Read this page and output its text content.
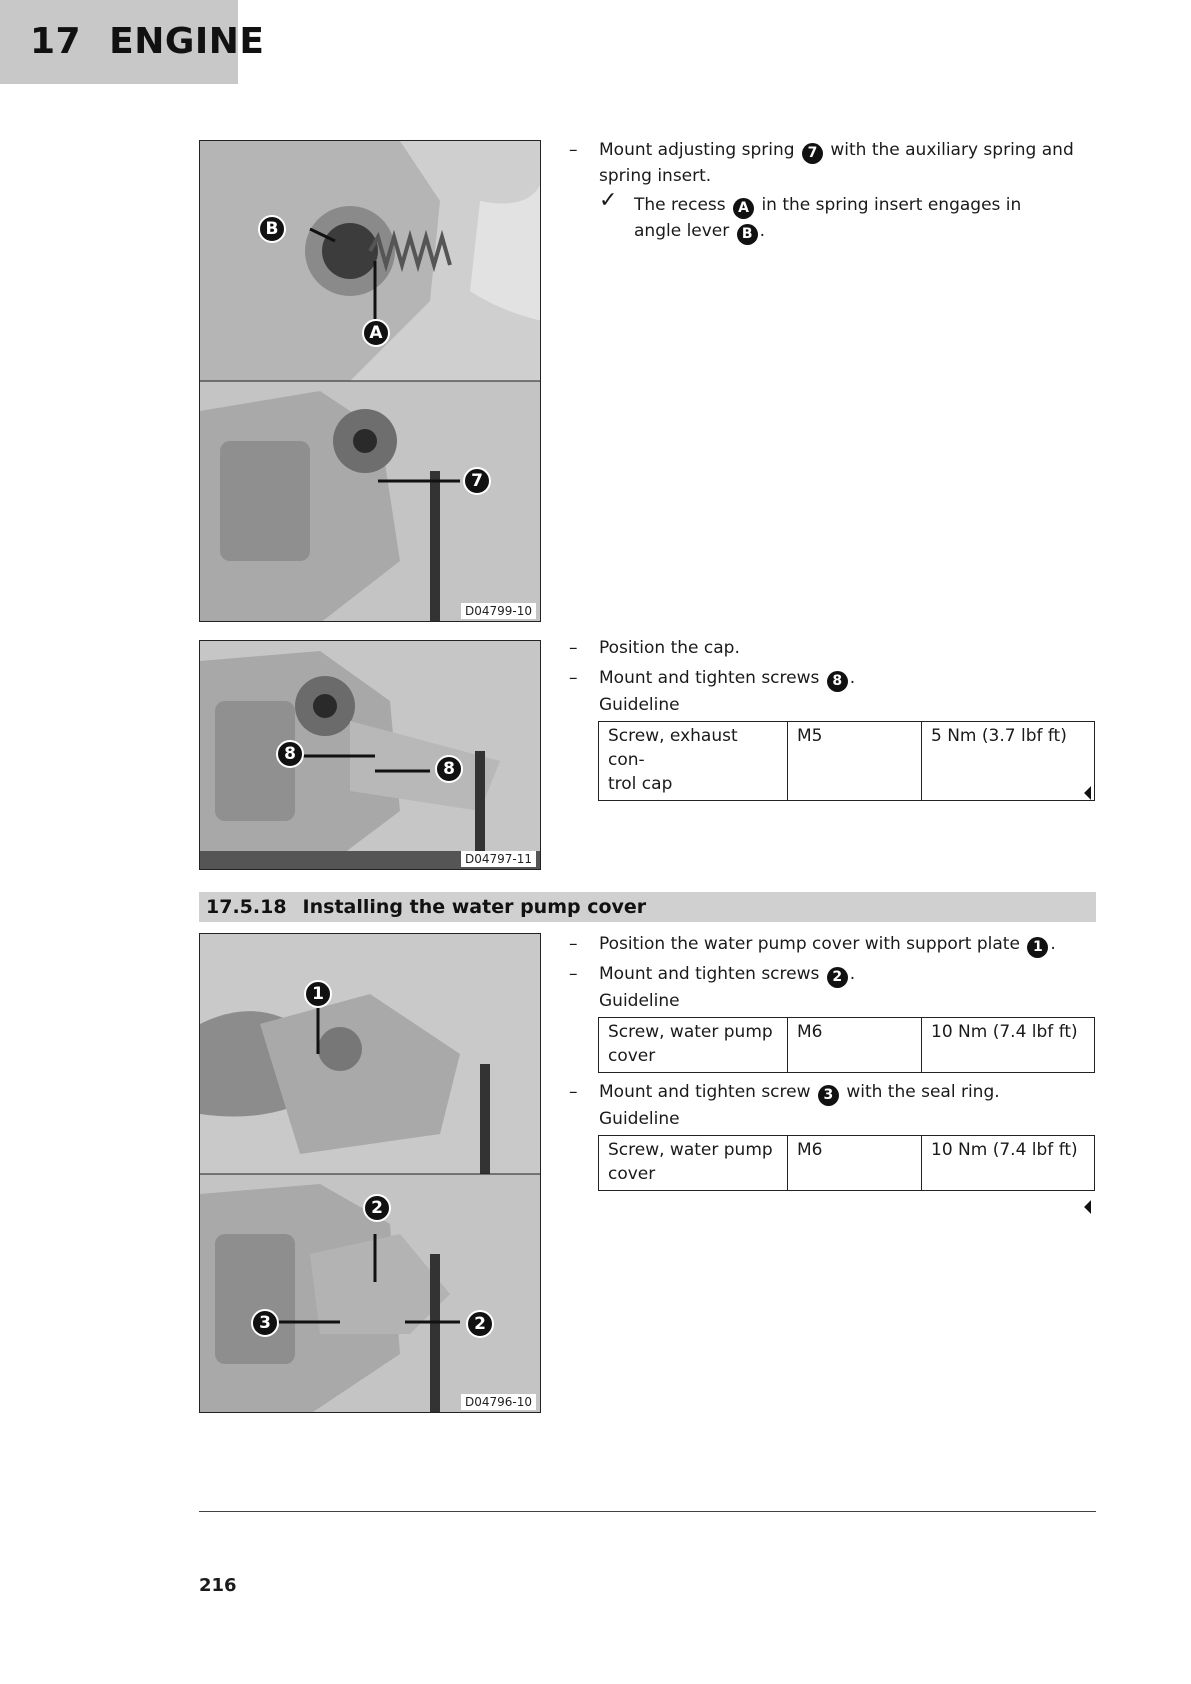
17 ENGINE
B
A
7
D04799-10
–	Mount adjusting spring 7 with the auxiliary spring and spring insert.
✓ The recess A in the spring insert engages in angle lever B .
8
8
D04797-11
–	Position the cap.
–	Mount and tighten screws 8 .
Guideline
Screw, exhaust con-
trol cap	M5	5 Nm (3.7 lbf ft)
17.5.18 Installing the water pump cover
1
2
3	2
D04796-10
–	Position the water pump cover with support plate 1 .
–	Mount and tighten screws 2 .
Guideline
Screw, water pump
cover	M6	10 Nm (7.4 lbf ft)
–	Mount and tighten screw 3 with the seal ring.
Guideline
Screw, water pump
cover	M6	10 Nm (7.4 lbf ft)
216
